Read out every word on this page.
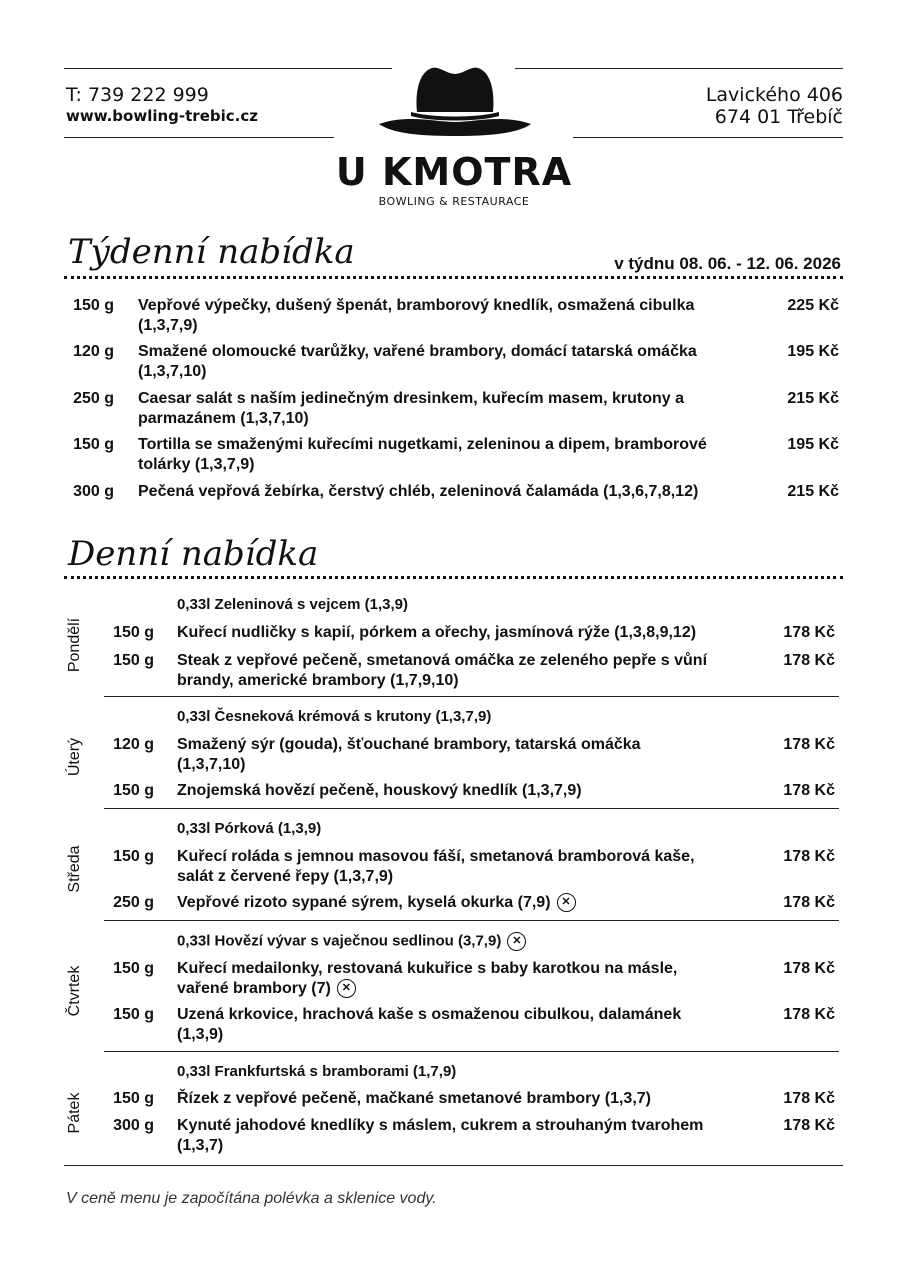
T: 739 222 999
www.bowling-trebic.cz
Lavického 406
674 01 Třebíč
U KMOTRA
BOWLING & RESTAURACE
Týdenní nabídka	v týdnu 08. 06. - 12. 06. 2026
150 g Vepřové výpečky, dušený špenát, bramborový knedlík, osmažená cibulka
(1,3,7,9)
225 Kč
120 g Smažené olomoucké tvarůžky, vařené brambory, domácí tatarská omáčka
(1,3,7,10)
195 Kč
250 g Caesar salát s naším jedinečným dresinkem, kuřecím masem, krutony a
parmazánem (1,3,7,10)
215 Kč
150 g Tortilla se smaženými kuřecími nugetkami, zeleninou a dipem, bramborové
tolárky (1,3,7,9)
195 Kč
300 g Pečená vepřová žebírka, čerstvý chléb, zeleninová čalamáda (1,3,6,7,8,12)	215 Kč
Denní nabídka
Pondělí
0,33l Zeleninová s vejcem (1,3,9)
150 g Kuřecí nudličky s kapií, pórkem a ořechy, jasmínová rýže (1,3,8,9,12)	178 Kč
150 g Steak z vepřové pečeně, smetanová omáčka ze zeleného pepře s vůní
brandy, americké brambory (1,7,9,10)
178 Kč
Úterý
0,33l Česneková krémová s krutony (1,3,7,9)
120 g Smažený sýr (gouda), šťouchané brambory, tatarská omáčka
(1,3,7,10)
178 Kč
150 g Znojemská hovězí pečeně, houskový knedlík (1,3,7,9)	178 Kč
Středa
0,33l Pórková (1,3,9)
150 g Kuřecí roláda s jemnou masovou fáší, smetanová bramborová kaše,
salát z červené řepy (1,3,7,9)
178 Kč
250 g Vepřové rizoto sypané sýrem, kyselá okurka (7,9) ✕	178 Kč
Čtvrtek
0,33l Hovězí vývar s vaječnou sedlinou (3,7,9) ✕
150 g Kuřecí medailonky, restovaná kukuřice s baby karotkou na másle,
vařené brambory (7) ✕
178 Kč
150 g Uzená krkovice, hrachová kaše s osmaženou cibulkou, dalamánek
(1,3,9)
178 Kč
Pátek
0,33l Frankfurtská s bramborami (1,7,9)
150 g Řízek z vepřové pečeně, mačkané smetanové brambory (1,3,7)	178 Kč
300 g Kynuté jahodové knedlíky s máslem, cukrem a strouhaným tvarohem
(1,3,7)
178 Kč
V ceně menu je započítána polévka a sklenice vody.
